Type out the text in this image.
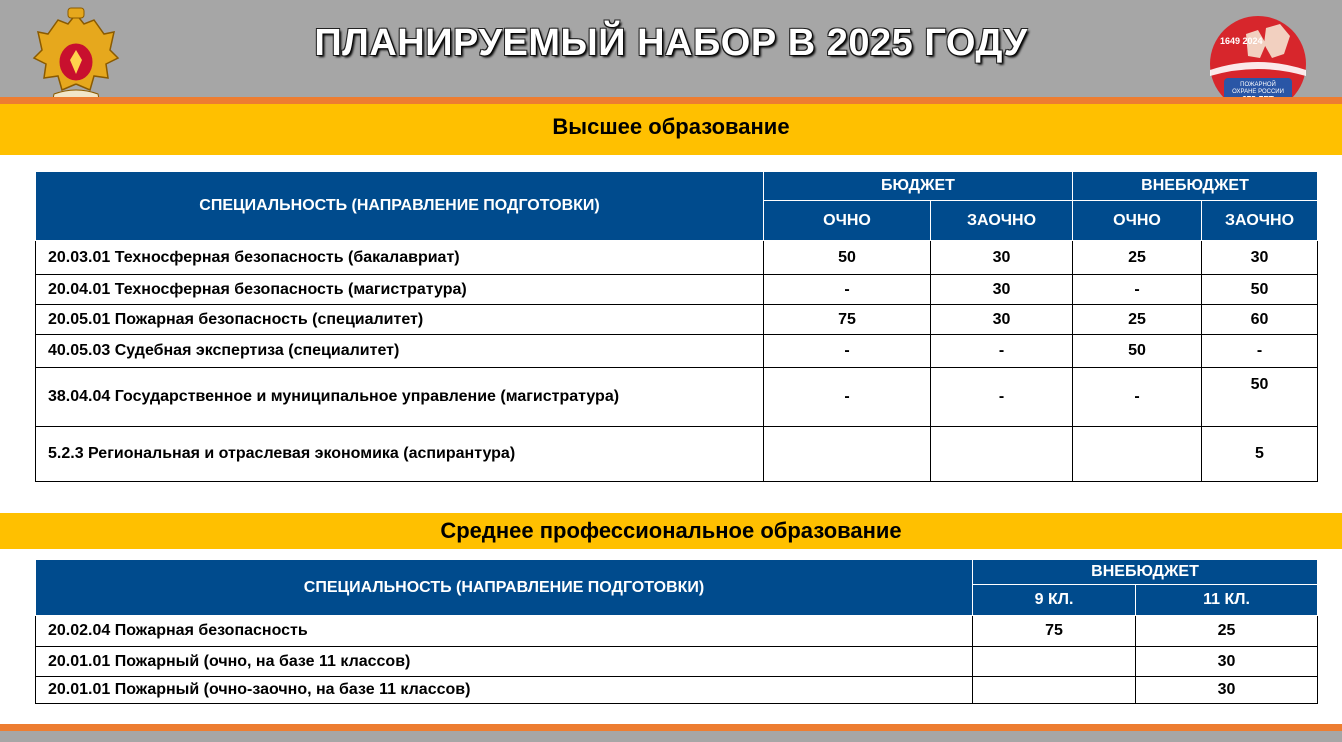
ПЛАНИРУЕМЫЙ НАБОР В 2025 ГОДУ	1649 2024
ПОЖАРНОЙ
ОХРАНЕ РОССИИ
Высшее образование
СПЕЦИАЛЬНОСТЬ (НАПРАВЛЕНИЕ ПОДГОТОВКИ)	БЮДЖЕТ		ВНЕБЮДЖЕТ	
	ОЧНО	ЗАОЧНО	ОЧНО	ЗАОЧНО
20.03.01 Техносферная безопасность (бакалавриат)	50	30	25	30
20.04.01 Техносферная безопасность (магистратура)	-	30	-	50
20.05.01 Пожарная безопасность (специалитет)	75	30	25	60
40.05.03 Судебная экспертиза (специалитет)	-	-	50	-
38.04.04 Государственное и муниципальное управление (магистратура)	-	-	-	50
5.2.3 Региональная и отраслевая экономика (аспирантура)				5
Среднее профессиональное образование
СПЕЦИАЛЬНОСТЬ (НАПРАВЛЕНИЕ ПОДГОТОВКИ)	ВНЕБЮДЖЕТ	
	9 КЛ.	11 КЛ.
20.02.04 Пожарная безопасность	75	25
20.01.01 Пожарный (очно, на базе 11 классов)		30
20.01.01 Пожарный (очно-заочно, на базе 11 классов)		30
